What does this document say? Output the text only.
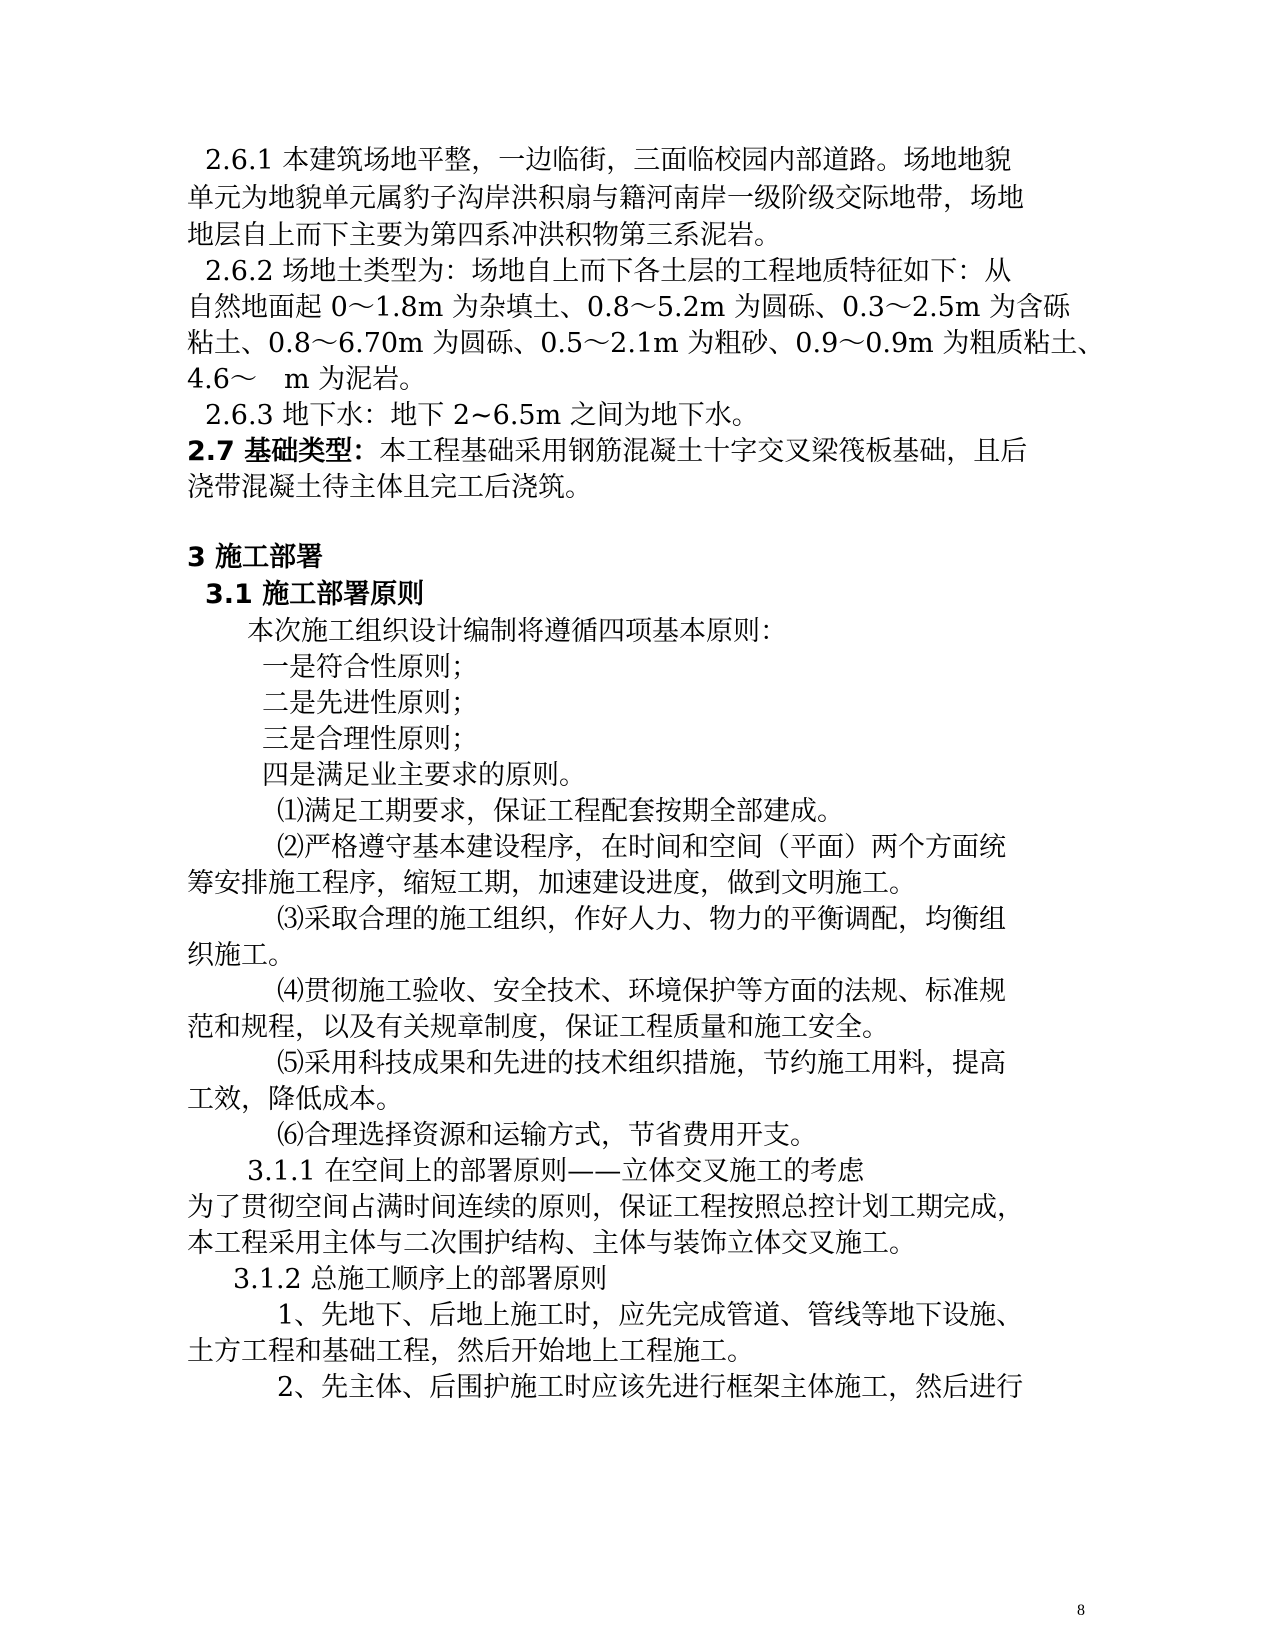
2.6.1 本建筑场地平整，一边临街，三面临校园内部道路。场地地貌
单元为地貌单元属豹子沟岸洪积扇与籍河南岸一级阶级交际地带，场地
地层自上而下主要为第四系冲洪积物第三系泥岩。
2.6.2 场地土类型为：场地自上而下各土层的工程地质特征如下：从
自然地面起 0～1.8m 为杂填土、0.8～5.2m 为圆砾、0.3～2.5m 为含砾
粘土、0.8～6.70m 为圆砾、0.5～2.1m 为粗砂、0.9～0.9m 为粗质粘土、
4.6～　m 为泥岩。
2.6.3 地下水：地下 2~6.5m 之间为地下水。
2.7 基础类型：本工程基础采用钢筋混凝土十字交叉梁筏板基础，且后
浇带混凝土待主体且完工后浇筑。
3 施工部署
3.1 施工部署原则
本次施工组织设计编制将遵循四项基本原则：
一是符合性原则；
二是先进性原则；
三是合理性原则；
四是满足业主要求的原则。
⑴满足工期要求，保证工程配套按期全部建成。
⑵严格遵守基本建设程序，在时间和空间（平面）两个方面统
筹安排施工程序，缩短工期，加速建设进度，做到文明施工。
⑶采取合理的施工组织，作好人力、物力的平衡调配，均衡组
织施工。
⑷贯彻施工验收、安全技术、环境保护等方面的法规、标准规
范和规程，以及有关规章制度，保证工程质量和施工安全。
⑸采用科技成果和先进的技术组织措施，节约施工用料，提高
工效，降低成本。
⑹合理选择资源和运输方式，节省费用开支。
3.1.1 在空间上的部署原则——立体交叉施工的考虑
为了贯彻空间占满时间连续的原则，保证工程按照总控计划工期完成，
本工程采用主体与二次围护结构、主体与装饰立体交叉施工。
3.1.2 总施工顺序上的部署原则
1、先地下、后地上施工时，应先完成管道、管线等地下设施、
土方工程和基础工程，然后开始地上工程施工。
2、先主体、后围护施工时应该先进行框架主体施工，然后进行
8
